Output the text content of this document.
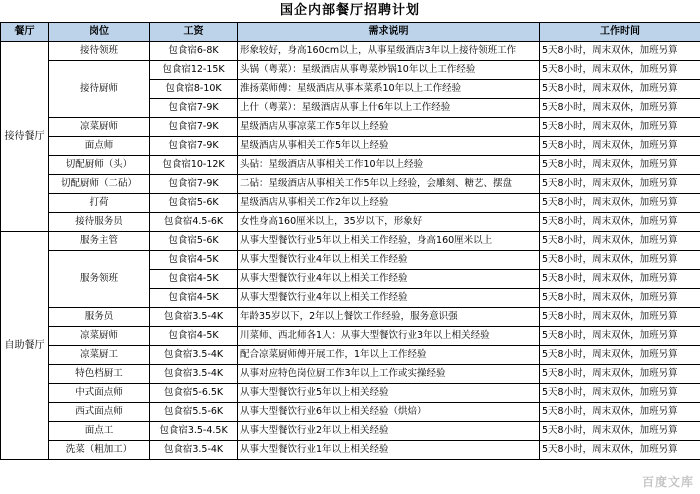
国企内部餐厅招聘计划
餐厅	岗位	工资	需求说明	工作时间
接待餐厅	接待领班	包食宿6-8K	形象较好，身高160cm以上，从事星级酒店3年以上接待领班工作	5天8小时，周末双休，加班另算
	接待厨师	包食宿12-15K	头锅（粤菜）：星级酒店从事粤菜炒锅10年以上工作经验	5天8小时，周末双休，加班另算
		包食宿8-10K	淮扬菜师傅：星级酒店从事本菜系10年以上工作经验	5天8小时，周末双休，加班另算
		包食宿7-9K	上什（粤菜）：星级酒店从事上什6年以上工作经验	5天8小时，周末双休，加班另算
	凉菜厨师	包食宿7-9K	星级酒店从事凉菜工作5年以上经验	5天8小时，周末双休，加班另算
	面点师	包食宿7-9K	星级酒店从事相关工作5年以上经验	5天8小时，周末双休，加班另算
	切配厨师（头）	包食宿10-12K	头砧：星级酒店从事相关工作10年以上经验	5天8小时，周末双休，加班另算
	切配厨师（二砧）	包食宿7-9K	二砧：星级酒店从事相关工作5年以上经验，会雕刻、糖艺、摆盘	5天8小时，周末双休，加班另算
	打荷	包食宿5-6K	星级酒店从事相关工作2年以上经验	5天8小时，周末双休，加班另算
	接待服务员	包食宿4.5-6K	女性身高160厘米以上，35岁以下，形象好	5天8小时，周末双休，加班另算
自助餐厅	服务主管	包食宿5-6K	从事大型餐饮行业5年以上相关工作经验，身高160厘米以上	5天8小时，周末双休，加班另算
	服务领班	包食宿4-5K	从事大型餐饮行业4年以上相关工作经验	5天8小时，周末双休，加班另算
		包食宿4-5K	从事大型餐饮行业4年以上相关工作经验	5天8小时，周末双休，加班另算
		包食宿4-5K	从事大型餐饮行业4年以上相关工作经验	5天8小时，周末双休，加班另算
	服务员	包食宿3.5-4K	年龄35岁以下，2年以上餐饮工作经验，服务意识强	5天8小时，周末双休，加班另算
	凉菜厨师	包食宿4-5K	川菜师、西北师各1人：从事大型餐饮行业3年以上相关经验	5天8小时，周末双休，加班另算
	凉菜厨工	包食宿3.5-4K	配合凉菜厨师傅开展工作，1年以上工作经验	5天8小时，周末双休，加班另算
	特色档厨工	包食宿3.5-4K	从事对应特色岗位厨工作3年以上工作或实操经验	5天8小时，周末双休，加班另算
	中式面点师	包食宿5-6.5K	从事大型餐饮行业5年以上相关经验	5天8小时，周末双休，加班另算
	西式面点师	包食宿5.5-6K	从事大型餐饮行业6年以上相关经验（烘焙）	5天8小时，周末双休，加班另算
	面点工	包食宿3.5-4.5K	从事大型餐饮行业2年以上相关经验	5天8小时，周末双休，加班另算
	洗菜（粗加工）	包食宿3.5-4K	从事大型餐饮行业1年以上相关经验	5天8小时，周末双休，加班另算
百度文库
